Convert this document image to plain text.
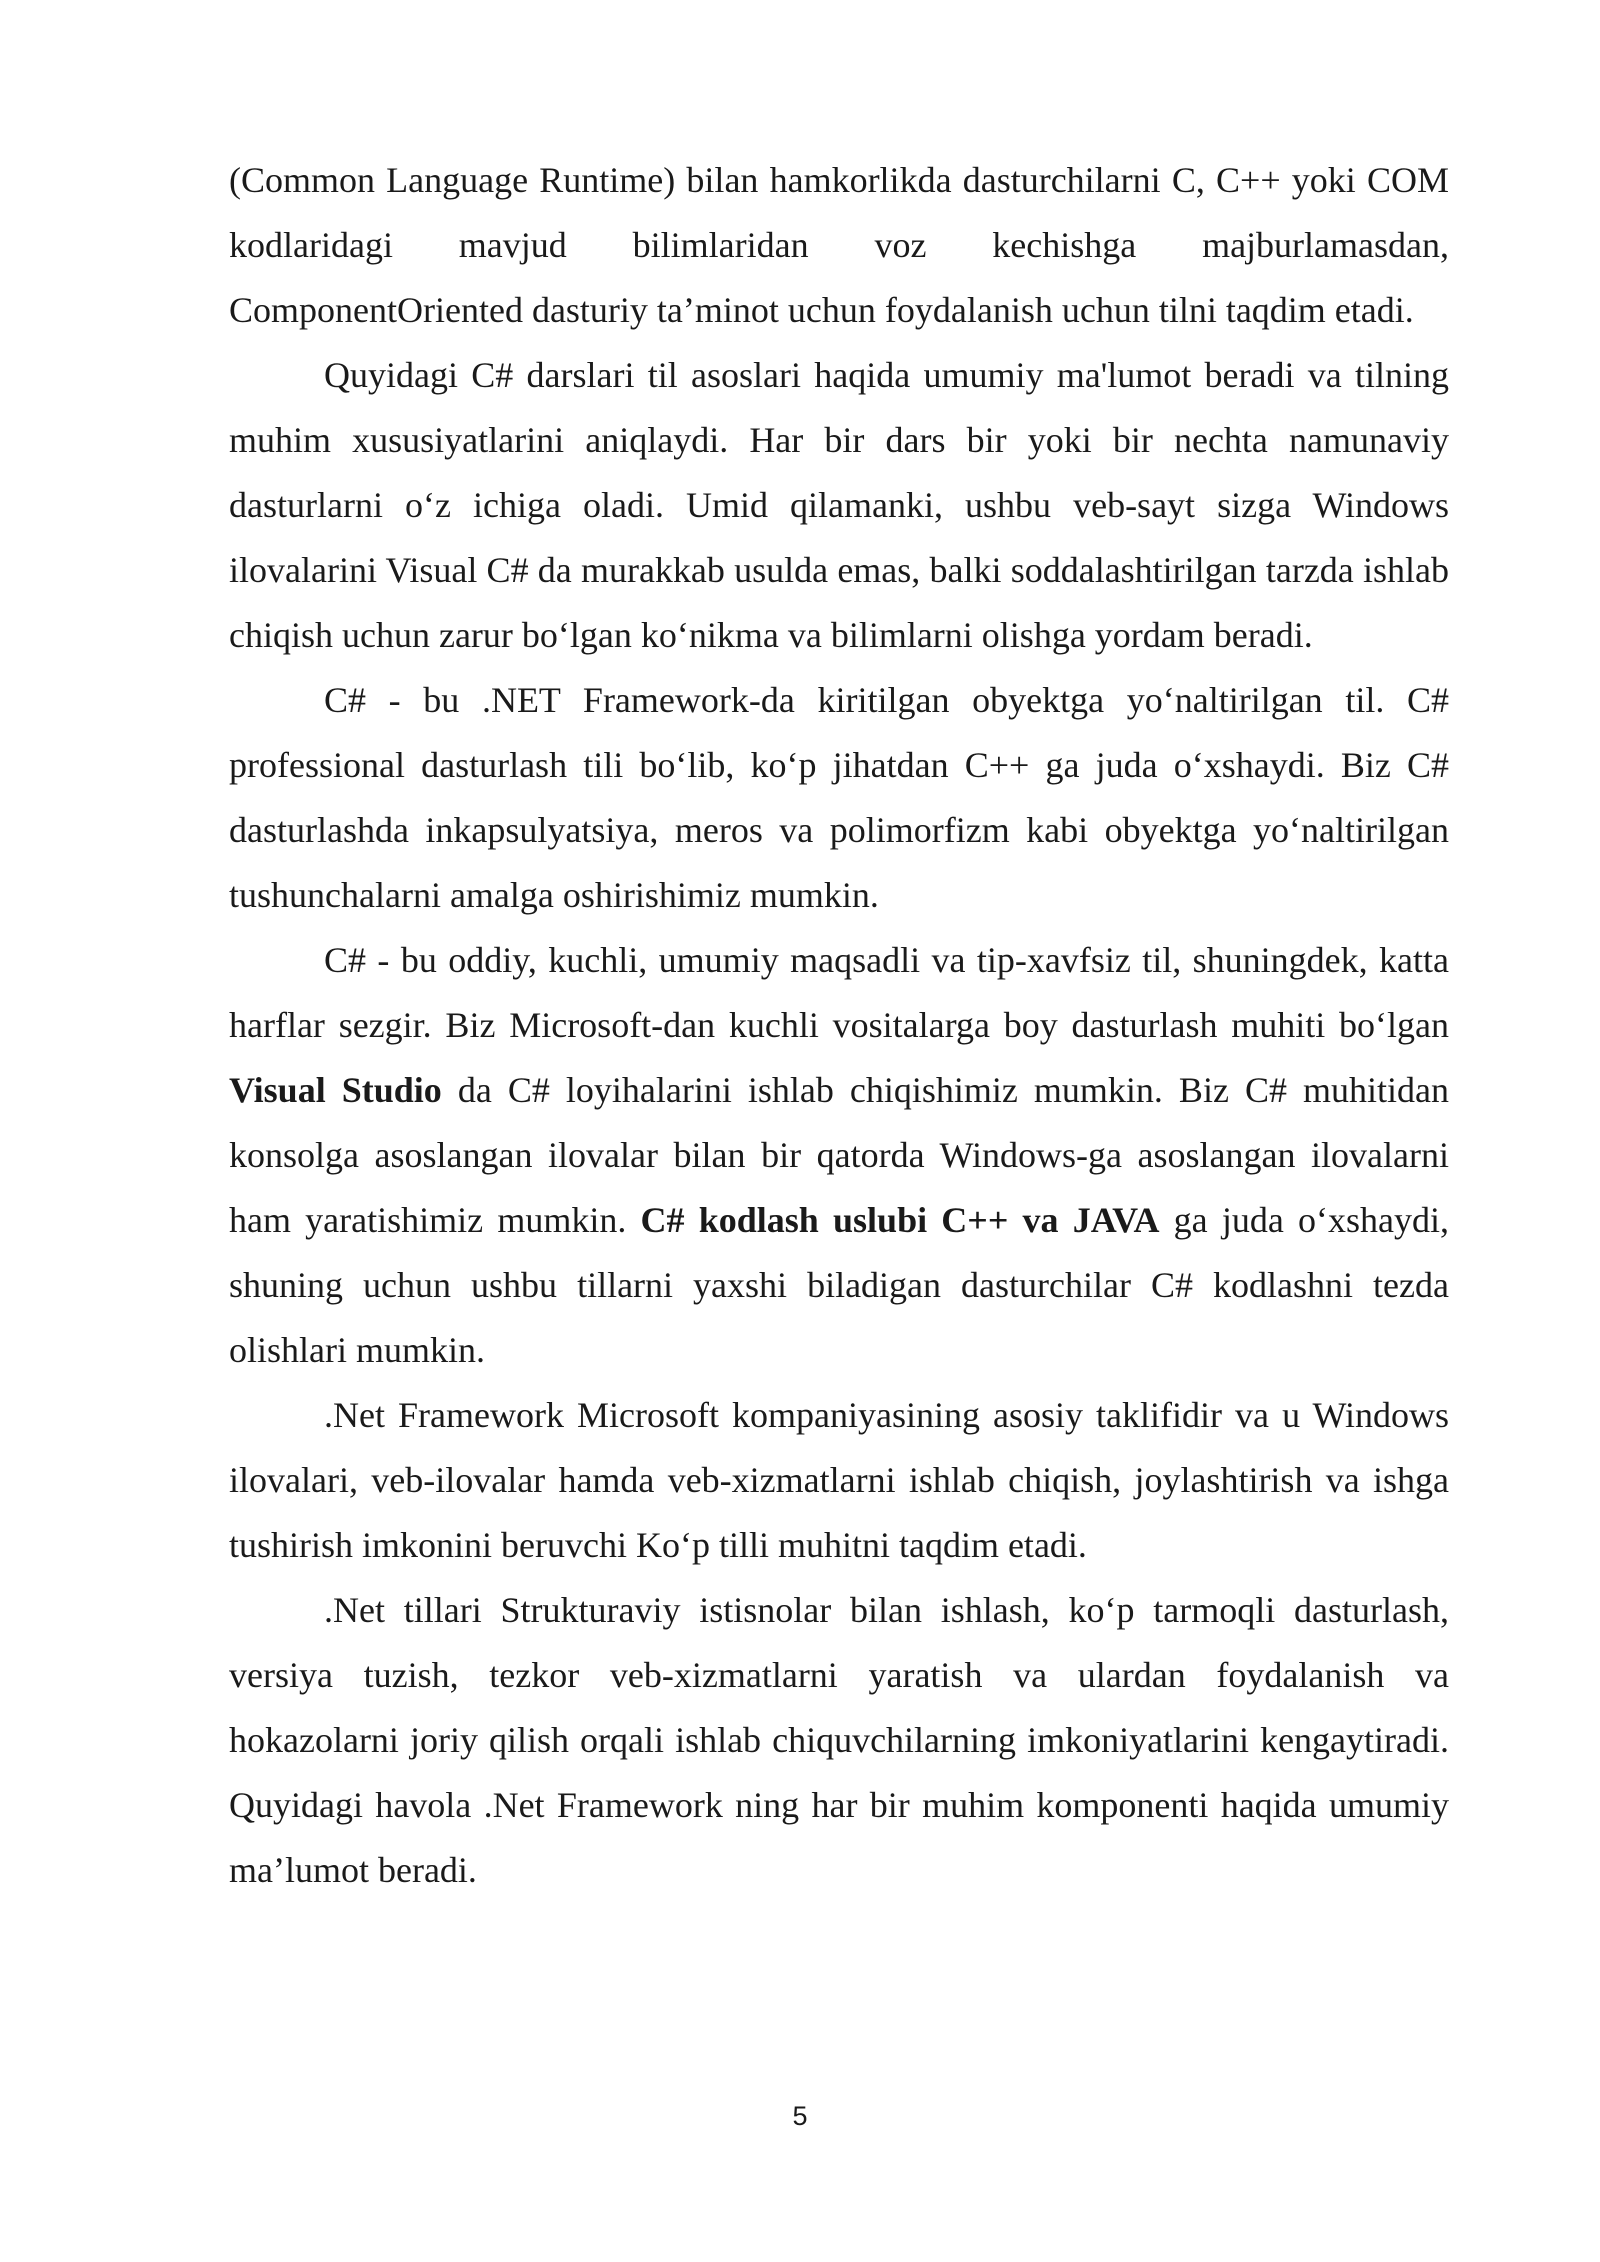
(Common Language Runtime) bilan hamkorlikda dasturchilarni C, C++ yoki COM kodlaridagi mavjud bilimlaridan voz kechishga majburlamasdan, ComponentOriented dasturiy ta’minot uchun foydalanish uchun tilni taqdim etadi.

Quyidagi C# darslari til asoslari haqida umumiy ma'lumot beradi va tilning muhim xususiyatlarini aniqlaydi. Har bir dars bir yoki bir nechta namunaviy dasturlarni o‘z ichiga oladi. Umid qilamanki, ushbu veb-sayt sizga Windows ilovalarini Visual C# da murakkab usulda emas, balki soddalashtirilgan tarzda ishlab chiqish uchun zarur bo‘lgan ko‘nikma va bilimlarni olishga yordam beradi.

C# - bu .NET Framework-da kiritilgan obyektga yo‘naltirilgan til. C# professional dasturlash tili bo‘lib, ko‘p jihatdan C++ ga juda o‘xshaydi. Biz C# dasturlashda inkapsulyatsiya, meros va polimorfizm kabi obyektga yo‘naltirilgan tushunchalarni amalga oshirishimiz mumkin.

C# - bu oddiy, kuchli, umumiy maqsadli va tip-xavfsiz til, shuningdek, katta harflar sezgir. Biz Microsoft-dan kuchli vositalarga boy dasturlash muhiti bo‘lgan Visual Studio da C# loyihalarini ishlab chiqishimiz mumkin. Biz C# muhitidan konsolga asoslangan ilovalar bilan bir qatorda Windows-ga asoslangan ilovalarni ham yaratishimiz mumkin. C# kodlash uslubi C++ va JAVA ga juda o‘xshaydi, shuning uchun ushbu tillarni yaxshi biladigan dasturchilar C# kodlashni tezda olishlari mumkin.

.Net Framework Microsoft kompaniyasining asosiy taklifidir va u Windows ilovalari, veb-ilovalar hamda veb-xizmatlarni ishlab chiqish, joylashtirish va ishga tushirish imkonini beruvchi Ko‘p tilli muhitni taqdim etadi.

.Net tillari Strukturaviy istisnolar bilan ishlash, ko‘p tarmoqli dasturlash, versiya tuzish, tezkor veb-xizmatlarni yaratish va ulardan foydalanish va hokazolarni joriy qilish orqali ishlab chiquvchilarning imkoniyatlarini kengaytiradi. Quyidagi havola .Net Framework ning har bir muhim komponenti haqida umumiy ma’lumot beradi.

5
